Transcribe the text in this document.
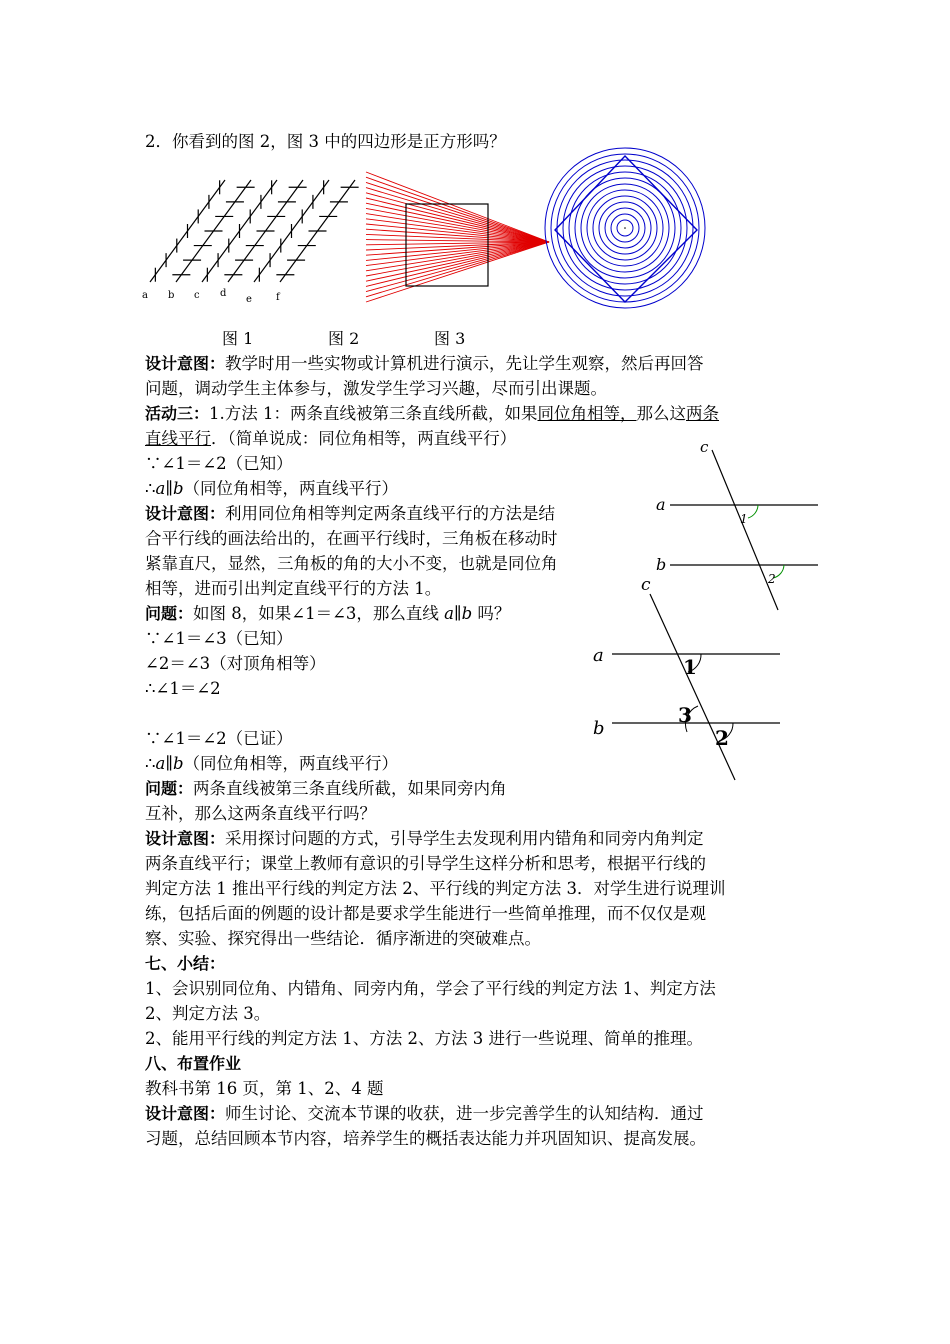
2．你看到的图 2，图 3 中的四边形是正方形吗？
a b c d
e f
图 1	图 2	图 3
设计意图：教学时用一些实物或计算机进行演示，先让学生观察，然后再回答
问题，调动学生主体参与，激发学生学习兴趣，尽而引出课题。
活动三：1.方法 1：两条直线被第三条直线所截，如果同位角相等，那么这两条
直线平行．（简单说成：同位角相等，两直线平行）
∵∠1＝∠2（已知）
∴a∥b（同位角相等，两直线平行）
设计意图：利用同位角相等判定两条直线平行的方法是结
合平行线的画法给出的，在画平行线时，三角板在移动时
紧靠直尺，显然，三角板的角的大小不变，也就是同位角
相等，进而引出判定直线平行的方法 1。
c
a
b
1
2
问题：如图 8，如果∠1＝∠3，那么直线 a∥b 吗？
∵∠1＝∠3（已知）
∠2＝∠3（对顶角相等）
∴∠1＝∠2
∵∠1＝∠2（已证）
∴a∥b（同位角相等，两直线平行）
c
a
b
1
3
2
问题：两条直线被第三条直线所截，如果同旁内角
互补，那么这两条直线平行吗？
设计意图：采用探讨问题的方式，引导学生去发现利用内错角和同旁内角判定
两条直线平行；课堂上教师有意识的引导学生这样分析和思考，根据平行线的
判定方法 1 推出平行线的判定方法 2、平行线的判定方法 3．对学生进行说理训
练，包括后面的例题的设计都是要求学生能进行一些简单推理，而不仅仅是观
察、实验、探究得出一些结论．循序渐进的突破难点。
七、小结：
1、会识别同位角、内错角、同旁内角，学会了平行线的判定方法 1、判定方法
2、判定方法 3。
2、能用平行线的判定方法 1、方法 2、方法 3 进行一些说理、简单的推理。
八、布置作业
教科书第 16 页，第 1、2、4 题
设计意图：师生讨论、交流本节课的收获，进一步完善学生的认知结构．通过
习题，总结回顾本节内容，培养学生的概括表达能力并巩固知识、提高发展。
